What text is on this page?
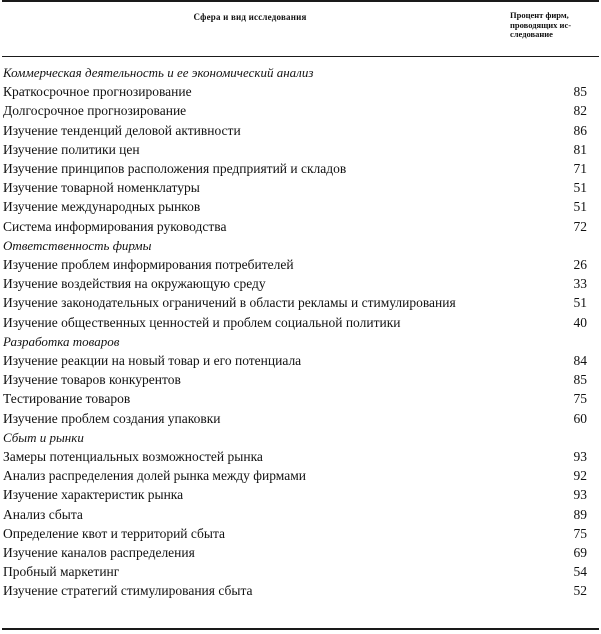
Сфера и вид исследования	Процент фирм,
проводящих ис-
следование
Коммерческая деятельность и ее экономический анализ
Краткосрочное прогнозирование	85
Долгосрочное прогнозирование	82
Изучение тенденций деловой активности	86
Изучение политики цен	81
Изучение принципов расположения предприятий и складов	71
Изучение товарной номенклатуры	51
Изучение международных рынков	51
Система информирования руководства	72
Ответственность фирмы
Изучение проблем информирования потребителей	26
Изучение воздействия на окружающую среду	33
Изучение законодательных ограничений в области рекламы и стимулирования	51
Изучение общественных ценностей и проблем социальной политики	40
Разработка товаров
Изучение реакции на новый товар и его потенциала	84
Изучение товаров конкурентов	85
Тестирование товаров	75
Изучение проблем создания упаковки	60
Сбыт и рынки
Замеры потенциальных возможностей рынка	93
Анализ распределения долей рынка между фирмами	92
Изучение характеристик рынка	93
Анализ сбыта	89
Определение квот и территорий сбыта	75
Изучение каналов распределения	69
Пробный маркетинг	54
Изучение стратегий стимулирования сбыта	52
